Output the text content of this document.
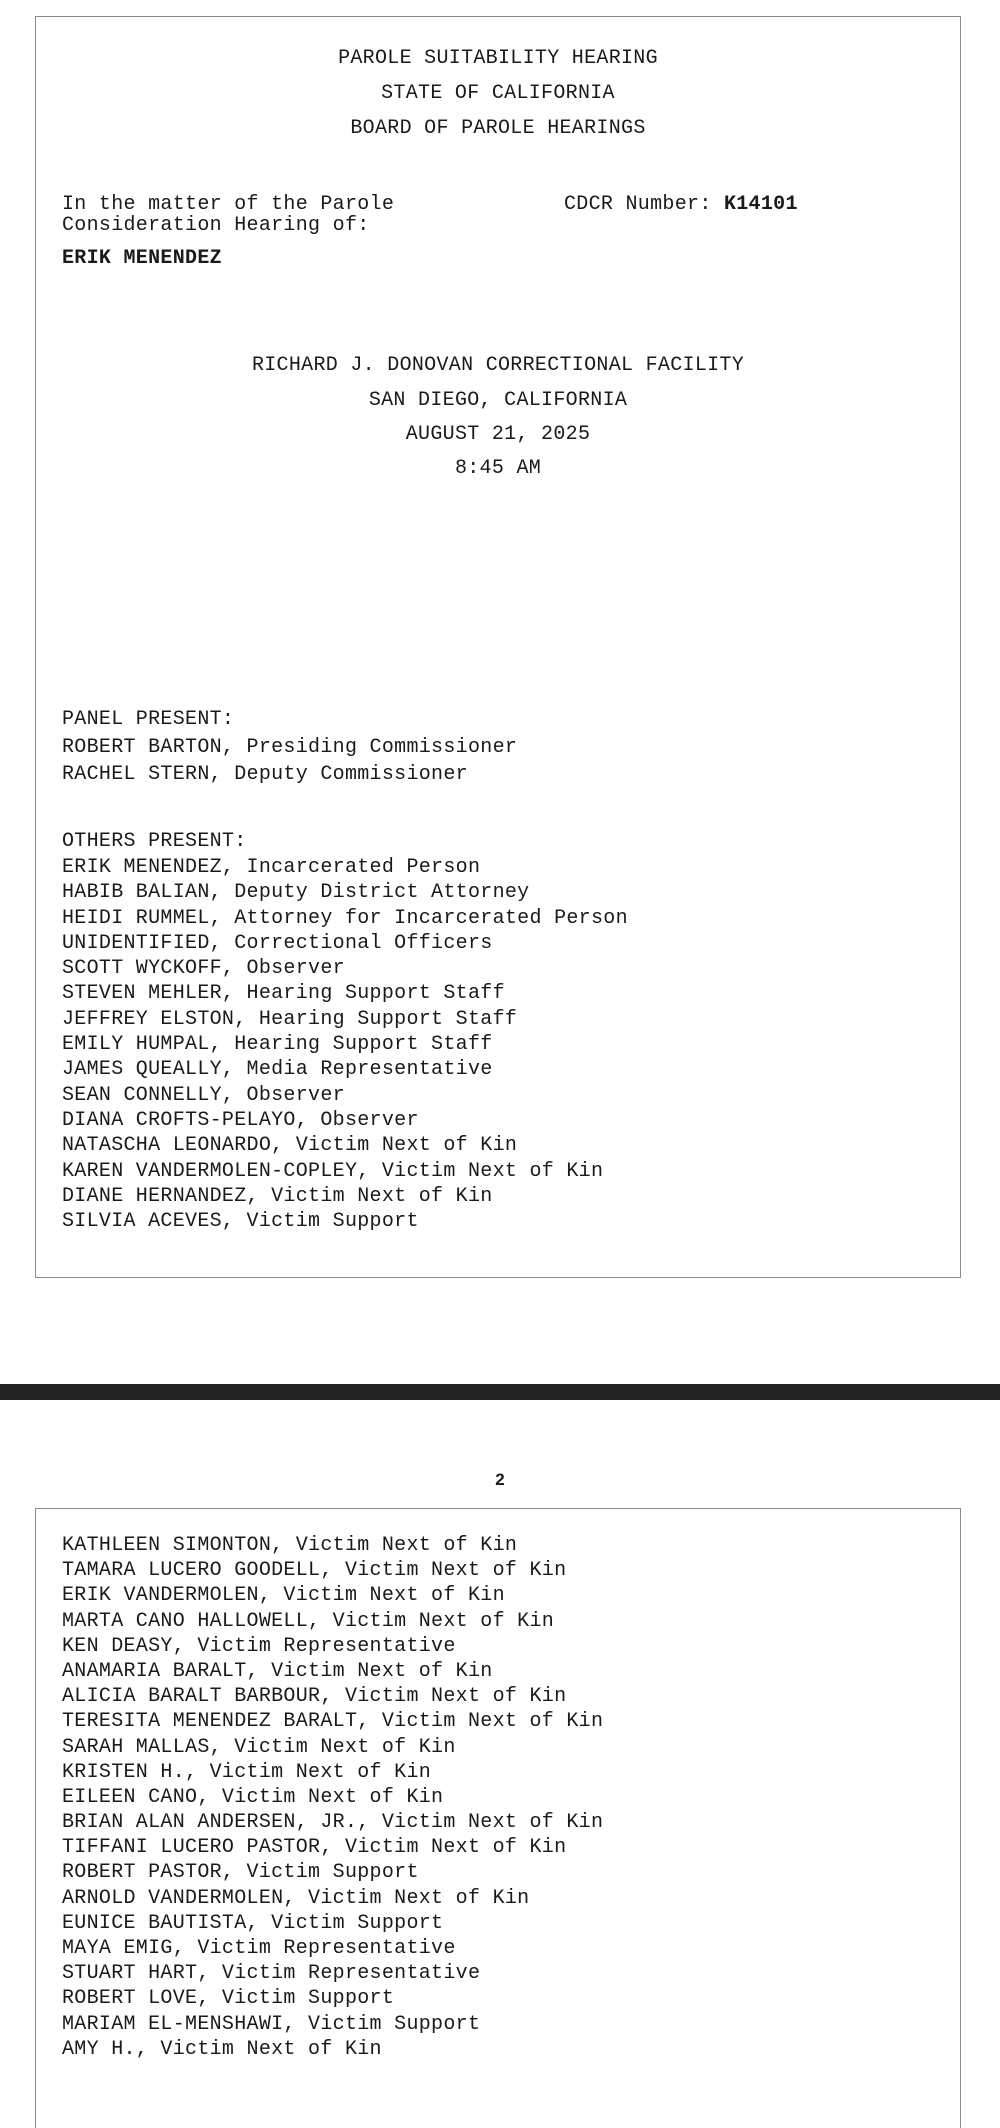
PAROLE SUITABILITY HEARING
STATE OF CALIFORNIA
BOARD OF PAROLE HEARINGS
In the matter of the Parole
Consideration Hearing of:
CDCR Number: K14101
ERIK MENENDEZ
RICHARD J. DONOVAN CORRECTIONAL FACILITY
SAN DIEGO, CALIFORNIA
AUGUST 21, 2025
8:45 AM
PANEL PRESENT:
ROBERT BARTON, Presiding Commissioner
RACHEL STERN, Deputy Commissioner
OTHERS PRESENT:
ERIK MENENDEZ, Incarcerated Person
HABIB BALIAN, Deputy District Attorney
HEIDI RUMMEL, Attorney for Incarcerated Person
UNIDENTIFIED, Correctional Officers
SCOTT WYCKOFF, Observer
STEVEN MEHLER, Hearing Support Staff
JEFFREY ELSTON, Hearing Support Staff
EMILY HUMPAL, Hearing Support Staff
JAMES QUEALLY, Media Representative
SEAN CONNELLY, Observer
DIANA CROFTS-PELAYO, Observer
NATASCHA LEONARDO, Victim Next of Kin
KAREN VANDERMOLEN-COPLEY, Victim Next of Kin
DIANE HERNANDEZ, Victim Next of Kin
SILVIA ACEVES, Victim Support
2
KATHLEEN SIMONTON, Victim Next of Kin
TAMARA LUCERO GOODELL, Victim Next of Kin
ERIK VANDERMOLEN, Victim Next of Kin
MARTA CANO HALLOWELL, Victim Next of Kin
KEN DEASY, Victim Representative
ANAMARIA BARALT, Victim Next of Kin
ALICIA BARALT BARBOUR, Victim Next of Kin
TERESITA MENENDEZ BARALT, Victim Next of Kin
SARAH MALLAS, Victim Next of Kin
KRISTEN H., Victim Next of Kin
EILEEN CANO, Victim Next of Kin
BRIAN ALAN ANDERSEN, JR., Victim Next of Kin
TIFFANI LUCERO PASTOR, Victim Next of Kin
ROBERT PASTOR, Victim Support
ARNOLD VANDERMOLEN, Victim Next of Kin
EUNICE BAUTISTA, Victim Support
MAYA EMIG, Victim Representative
STUART HART, Victim Representative
ROBERT LOVE, Victim Support
MARIAM EL-MENSHAWI, Victim Support
AMY H., Victim Next of Kin
